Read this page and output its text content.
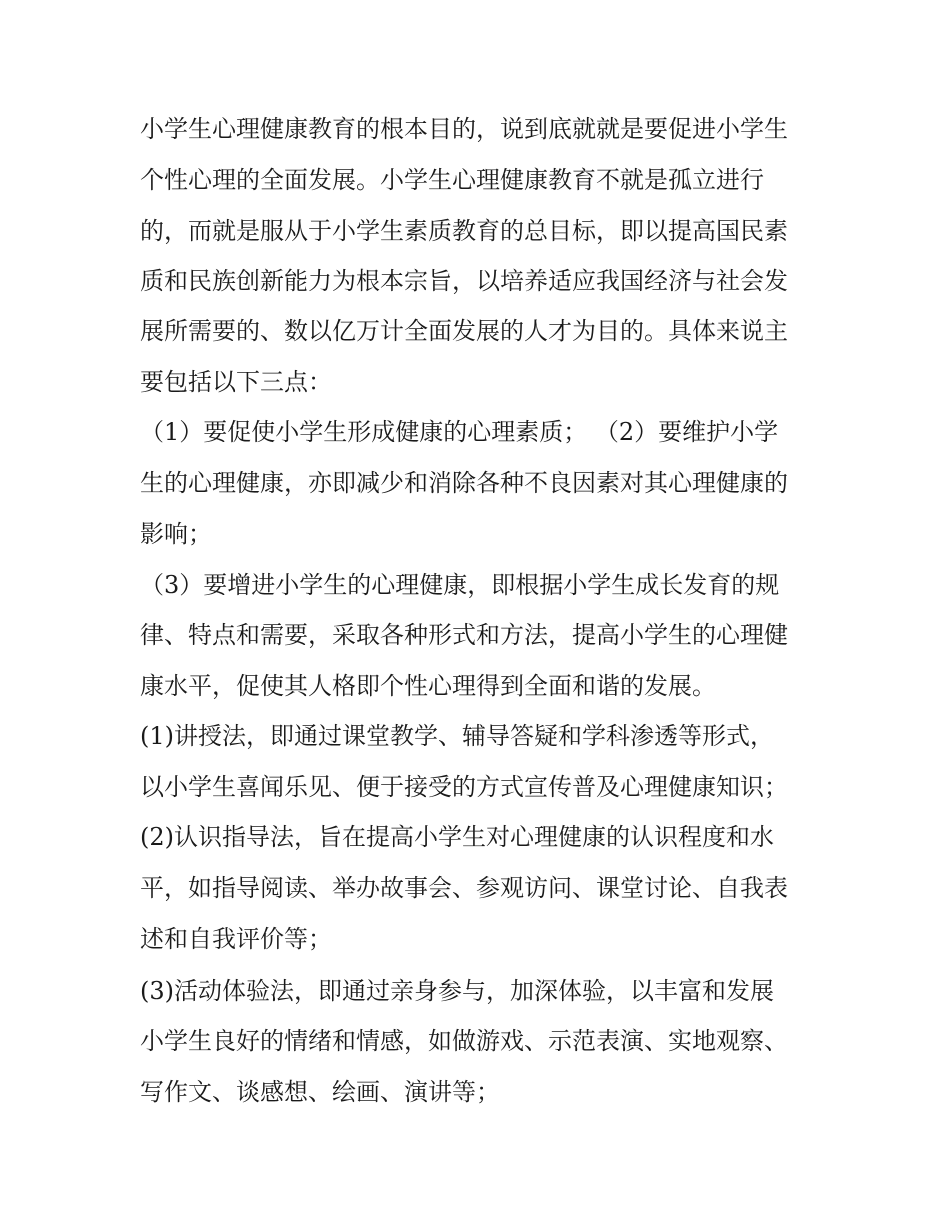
小学生心理健康教育的根本目的，说到底就就是要促进小学生
个性心理的全面发展。小学生心理健康教育不就是孤立进行
的，而就是服从于小学生素质教育的总目标，即以提高国民素
质和民族创新能力为根本宗旨，以培养适应我国经济与社会发
展所需要的、数以亿万计全面发展的人才为目的。具体来说主
要包括以下三点：
（1）要促使小学生形成健康的心理素质； （2）要维护小学
生的心理健康，亦即减少和消除各种不良因素对其心理健康的
影响；
（3）要增进小学生的心理健康，即根据小学生成长发育的规
律、特点和需要，采取各种形式和方法，提高小学生的心理健
康水平，促使其人格即个性心理得到全面和谐的发展。
(1)讲授法，即通过课堂教学、辅导答疑和学科渗透等形式，
以小学生喜闻乐见、便于接受的方式宣传普及心理健康知识；
(2)认识指导法，旨在提高小学生对心理健康的认识程度和水
平，如指导阅读、举办故事会、参观访问、课堂讨论、自我表
述和自我评价等；
(3)活动体验法，即通过亲身参与，加深体验，以丰富和发展
小学生良好的情绪和情感，如做游戏、示范表演、实地观察、
写作文、谈感想、绘画、演讲等；
